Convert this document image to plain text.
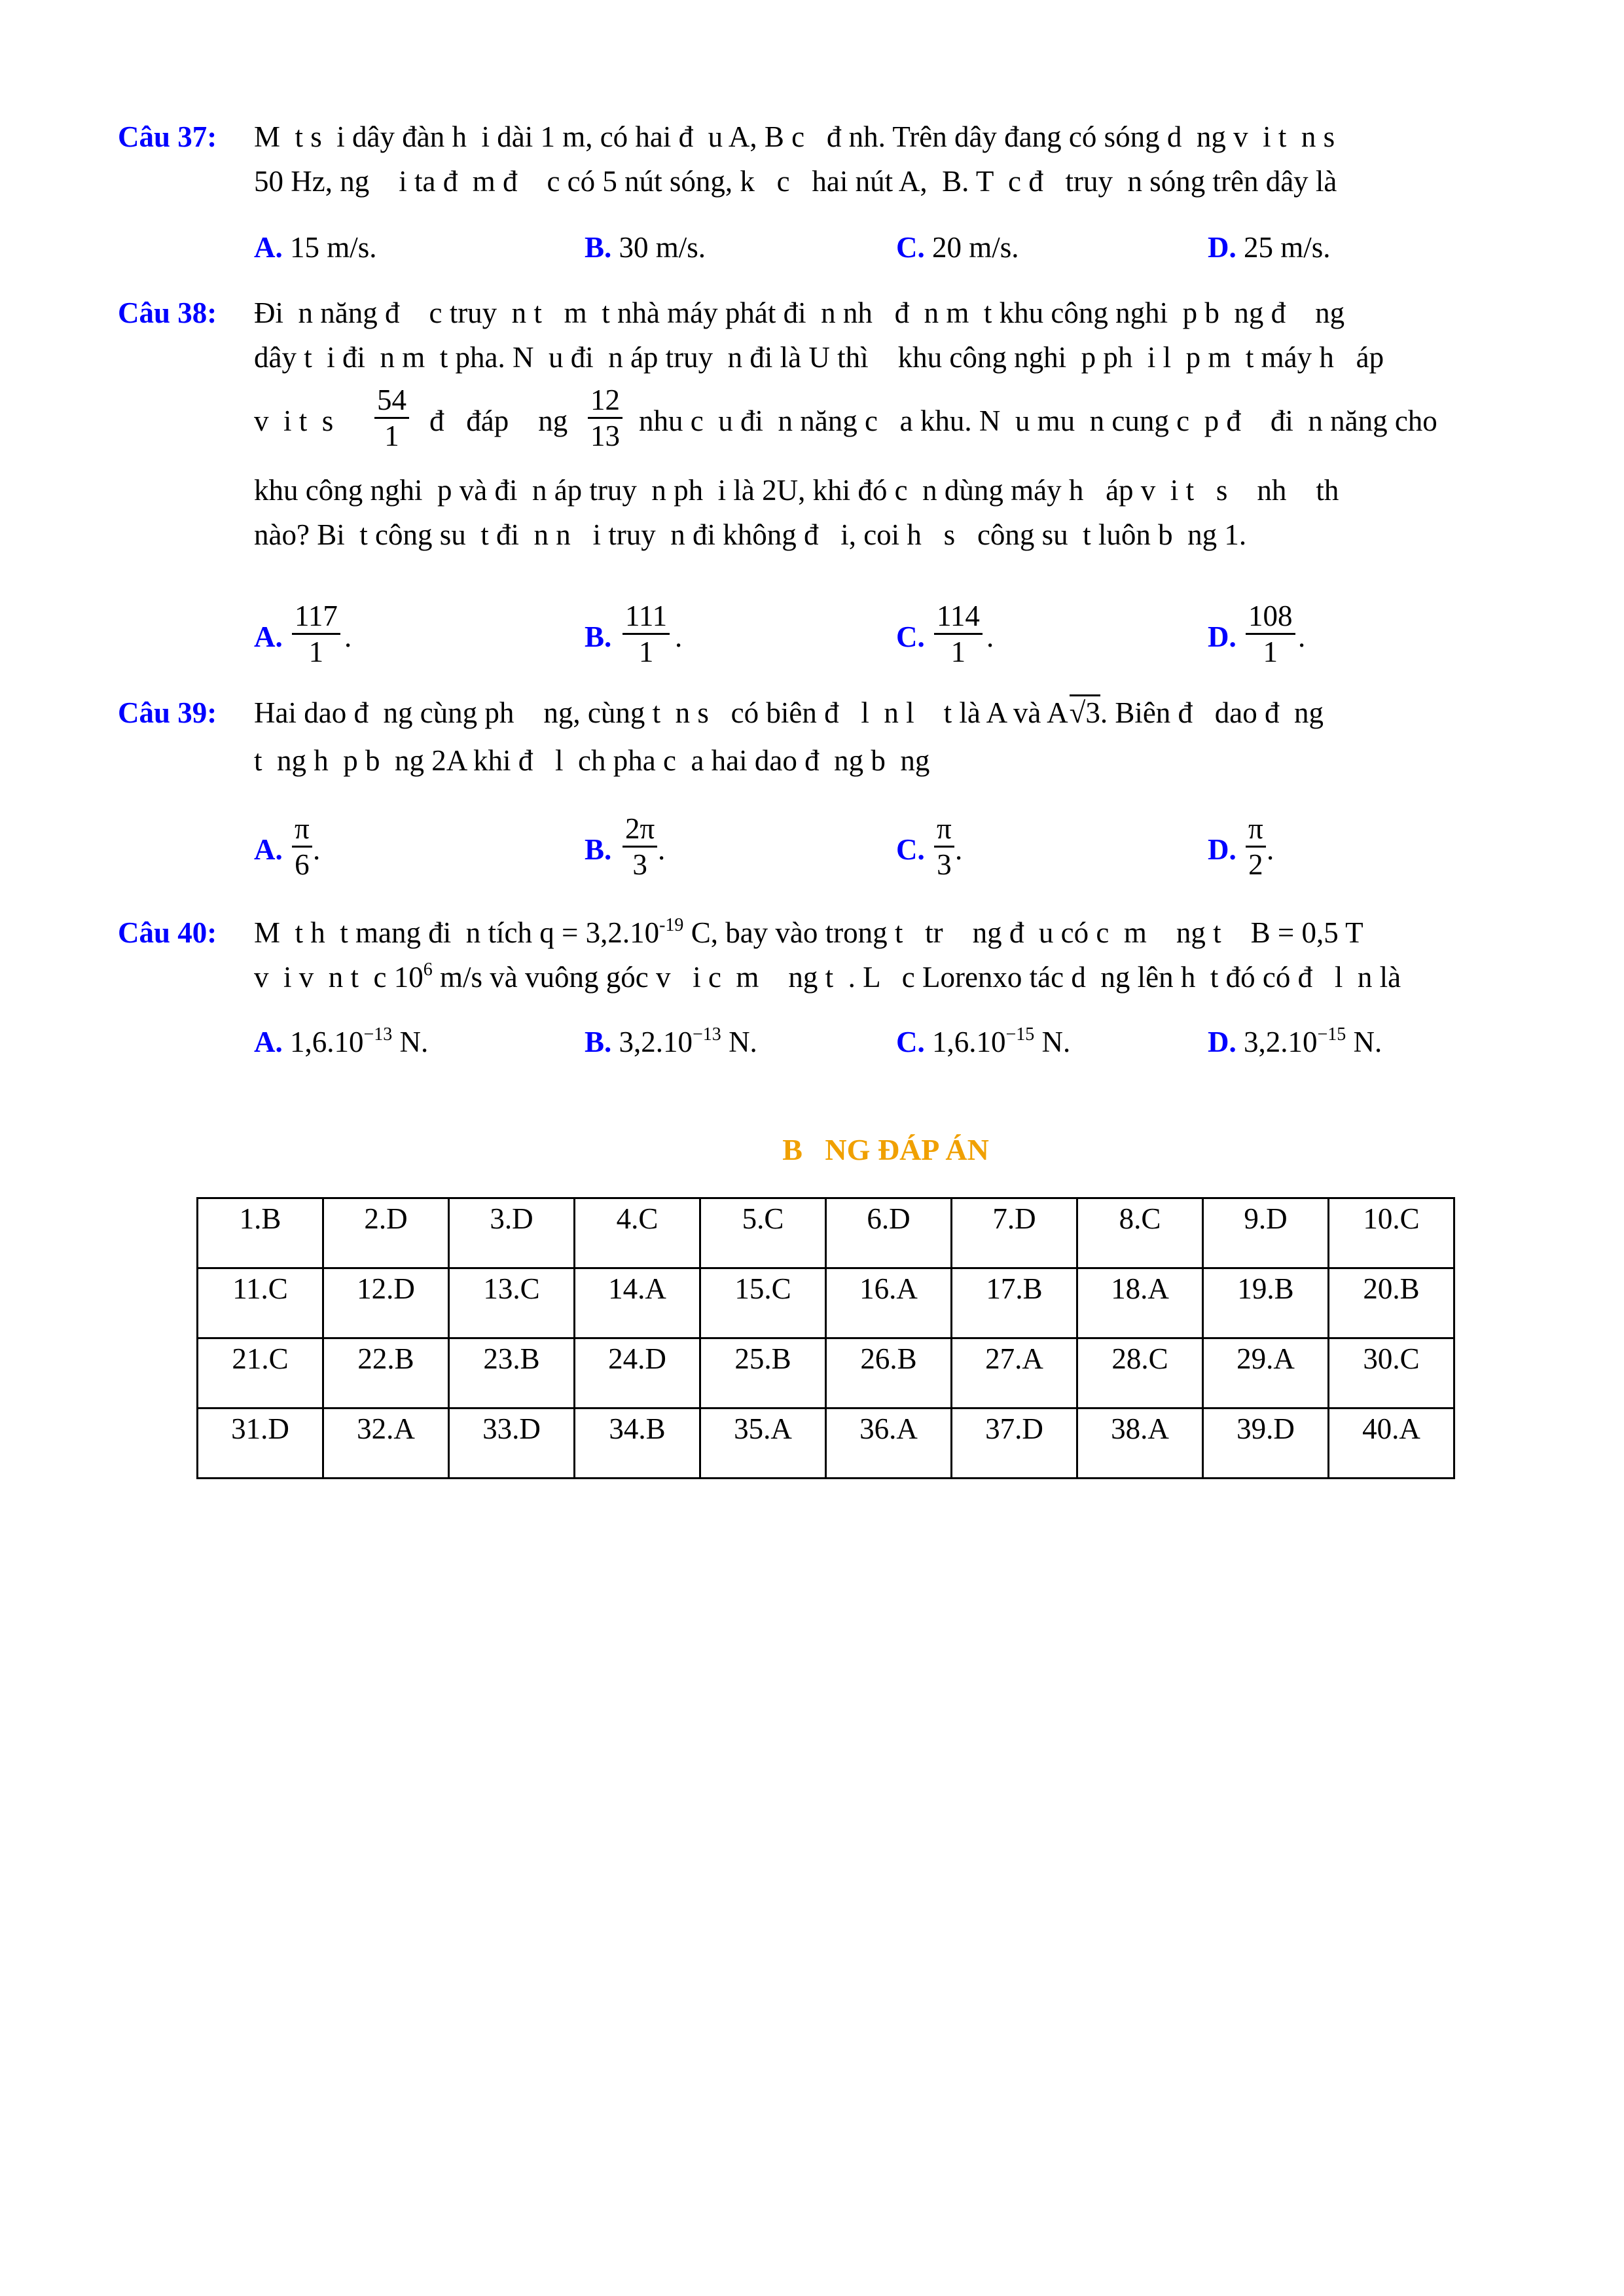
Câu 37: M  t s  i dây đàn h  i dài 1 m, có hai đ  u A, B c   đ nh. Trên dây đang có sóng d  ng v  i t  n s
50 Hz, ng    i ta đ  m đ    c có 5 nút sóng, k   c   hai nút A,  B. T  c đ   truy  n sóng trên dây là
A. 15 m/s.	B. 30 m/s.	C. 20 m/s.	D. 25 m/s.
Câu 38: Đi  n năng đ    c truy  n t   m  t nhà máy phát đi  n nh   đ  n m  t khu công nghi  p b  ng đ    ng
dây t  i đi  n m  t pha. N  u đi  n áp truy  n đi là U thì    khu công nghi  p ph  i l  p m  t máy h   áp
v  i t  s $\frac{54}{1}$ đ   đáp    ng $\frac{12}{13}$ nhu c  u đi  n năng c   a khu. N  u mu  n cung c  p đ    đi  n năng cho
khu công nghi  p và đi  n áp truy  n ph  i là 2U, khi đó c  n dùng máy h   áp v  i t   s    nh    th
nào? Bi  t công su  t đi  n n   i truy  n đi không đ   i, coi h   s   công su  t luôn b  ng 1.
A. $\frac{117}{1}$ .	B. $\frac{111}{1}$ .	C. $\frac{114}{1}$ .	D. $\frac{108}{1}$ .
Câu 39: Hai dao đ  ng cùng ph    ng, cùng t  n s   có biên đ   l  n l    t là A và A√3. Biên đ   dao đ  ng
t  ng h  p b  ng 2A khi đ   l  ch pha c  a hai dao đ  ng b  ng
A. $\frac{\pi}{6}$ .	B. $\frac{2\pi}{3}$ .	C. $\frac{\pi}{3}$ .	D. $\frac{\pi}{2}$ .
Câu 40: M  t h  t mang đi  n tích $q = 3,2.10^{-19}$ C, bay vào trong t   tr    ng đ  u có c  m    ng t    B = 0,5 T
v  i v  n t  c $10^6$ m/s và vuông góc v   i c  m    ng t  . L   c Lorenxo tác d  ng lên h  t đó có đ   l  n là
A. $1,6.10^{-13}$ N.	B. $3,2.10^{-13}$ N.	C. $1,6.10^{-15}$ N.	D. $3,2.10^{-15}$ N.
B   NG ĐÁP ÁN
1.B	2.D	3.D	4.C	5.C	6.D	7.D	8.C	9.D	10.C
11.C	12.D	13.C	14.A	15.C	16.A	17.B	18.A	19.B	20.B
21.C	22.B	23.B	24.D	25.B	26.B	27.A	28.C	29.A	30.C
31.D	32.A	33.D	34.B	35.A	36.A	37.D	38.A	39.D	40.A
